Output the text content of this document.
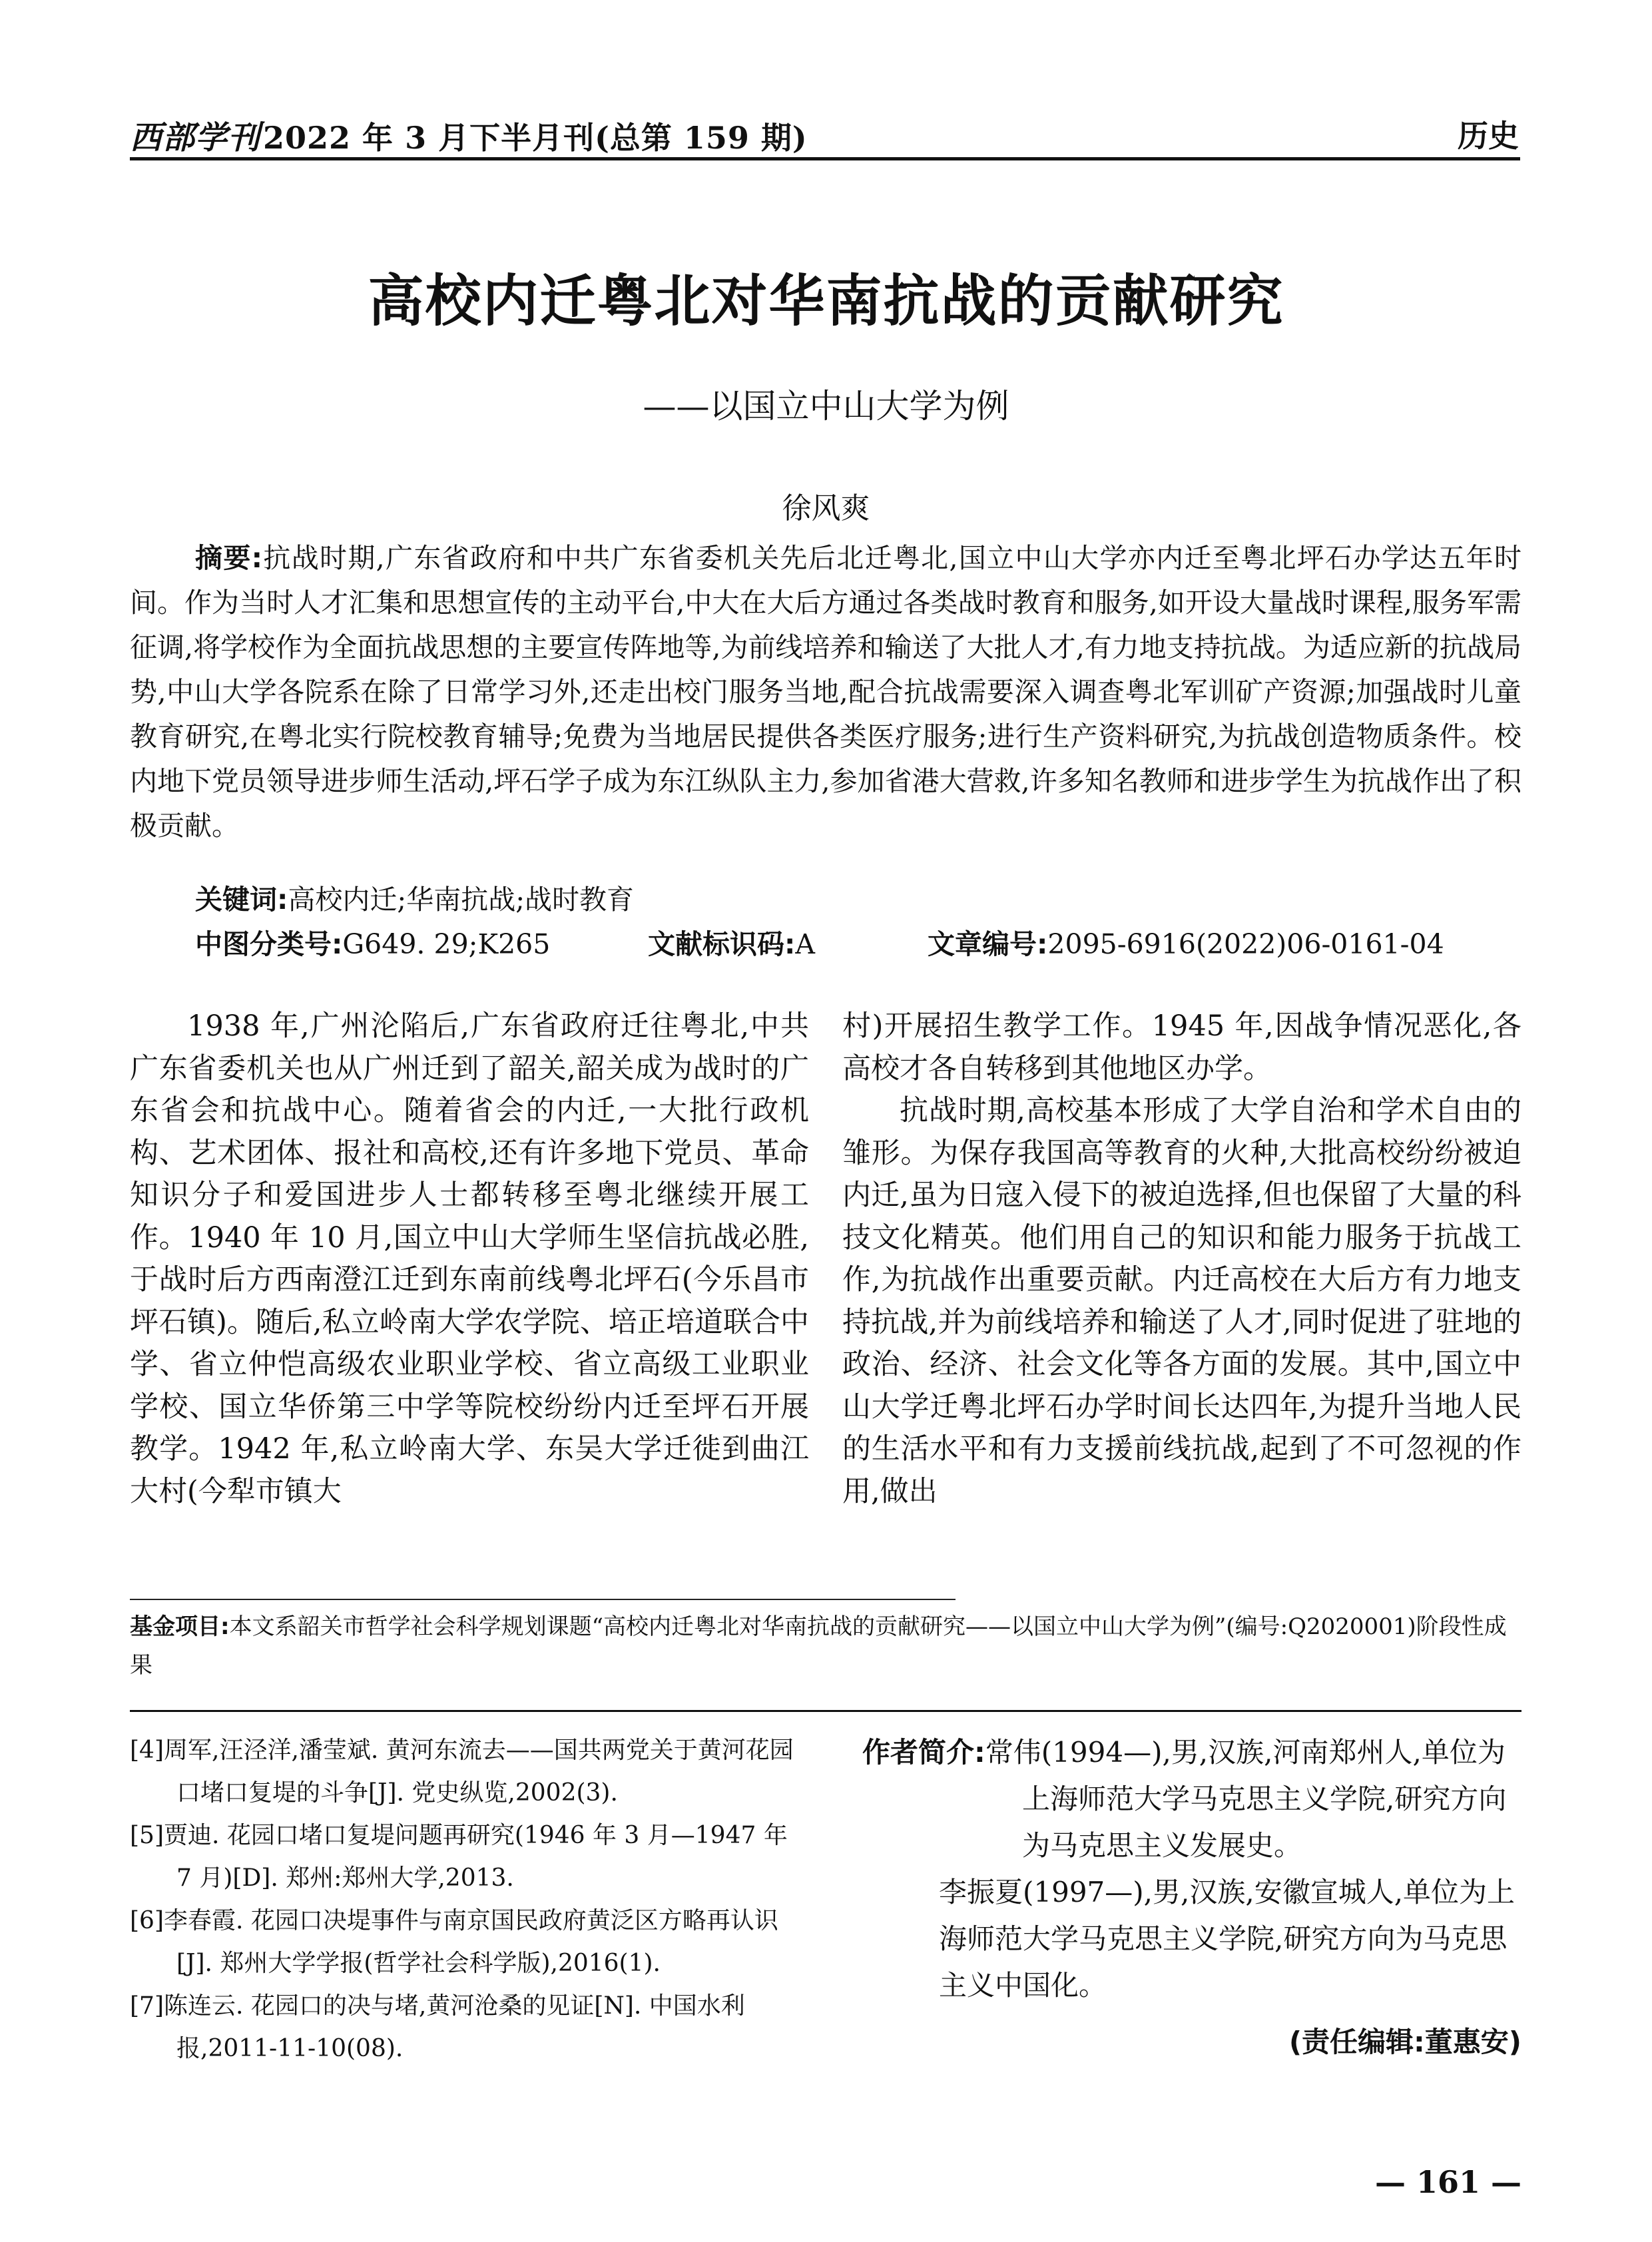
西部学刊2022 年 3 月下半月刊(总第 159 期)	历史
高校内迁粤北对华南抗战的贡献研究
——以国立中山大学为例
徐风爽

摘要:抗战时期,广东省政府和中共广东省委机关先后北迁粤北,国立中山大学亦内迁至粤北坪石办学达五年时间。作为当时人才汇集和思想宣传的主动平台,中大在大后方通过各类战时教育和服务,如开设大量战时课程,服务军需征调,将学校作为全面抗战思想的主要宣传阵地等,为前线培养和输送了大批人才,有力地支持抗战。为适应新的抗战局势,中山大学各院系在除了日常学习外,还走出校门服务当地,配合抗战需要深入调查粤北军训矿产资源;加强战时儿童教育研究,在粤北实行院校教育辅导;免费为当地居民提供各类医疗服务;进行生产资料研究,为抗战创造物质条件。校内地下党员领导进步师生活动,坪石学子成为东江纵队主力,参加省港大营救,许多知名教师和进步学生为抗战作出了积极贡献。

关键词:高校内迁;华南抗战;战时教育
中图分类号:G649. 29;K265	文献标识码:A	文章编号:2095-6916(2022)06-0161-04

1938 年,广州沦陷后,广东省政府迁往粤北,中共广东省委机关也从广州迁到了韶关,韶关成为战时的广东省会和抗战中心。随着省会的内迁,一大批行政机构、艺术团体、报社和高校,还有许多地下党员、革命知识分子和爱国进步人士都转移至粤北继续开展工作。1940 年 10 月,国立中山大学师生坚信抗战必胜,于战时后方西南澄江迁到东南前线粤北坪石(今乐昌市坪石镇)。随后,私立岭南大学农学院、培正培道联合中学、省立仲恺高级农业职业学校、省立高级工业职业学校、国立华侨第三中学等院校纷纷内迁至坪石开展教学。1942 年,私立岭南大学、东吴大学迁徙到曲江大村(今犁市镇大

村)开展招生教学工作。1945 年,因战争情况恶化,各高校才各自转移到其他地区办学。

抗战时期,高校基本形成了大学自治和学术自由的雏形。为保存我国高等教育的火种,大批高校纷纷被迫内迁,虽为日寇入侵下的被迫选择,但也保留了大量的科技文化精英。他们用自己的知识和能力服务于抗战工作,为抗战作出重要贡献。内迁高校在大后方有力地支持抗战,并为前线培养和输送了人才,同时促进了驻地的政治、经济、社会文化等各方面的发展。其中,国立中山大学迁粤北坪石办学时间长达四年,为提升当地人民的生活水平和有力支援前线抗战,起到了不可忽视的作用,做出

基金项目:本文系韶关市哲学社会科学规划课题“高校内迁粤北对华南抗战的贡献研究——以国立中山大学为例”(编号:Q2020001)阶段性成果

[4]周军,汪泾洋,潘莹斌. 黄河东流去——国共两党关于黄河花园口堵口复堤的斗争[J]. 党史纵览,2002(3).

[5]贾迪. 花园口堵口复堤问题再研究(1946 年 3 月—1947 年 7 月)[D]. 郑州:郑州大学,2013.

[6]李春霞. 花园口决堤事件与南京国民政府黄泛区方略再认识[J]. 郑州大学学报(哲学社会科学版),2016(1).

[7]陈连云. 花园口的决与堵,黄河沧桑的见证[N]. 中国水利报,2011-11-10(08).

作者简介:常伟(1994—),男,汉族,河南郑州人,单位为上海师范大学马克思主义学院,研究方向为马克思主义发展史。

李振夏(1997—),男,汉族,安徽宣城人,单位为上海师范大学马克思主义学院,研究方向为马克思主义中国化。

(责任编辑:董惠安)
— 161 —
